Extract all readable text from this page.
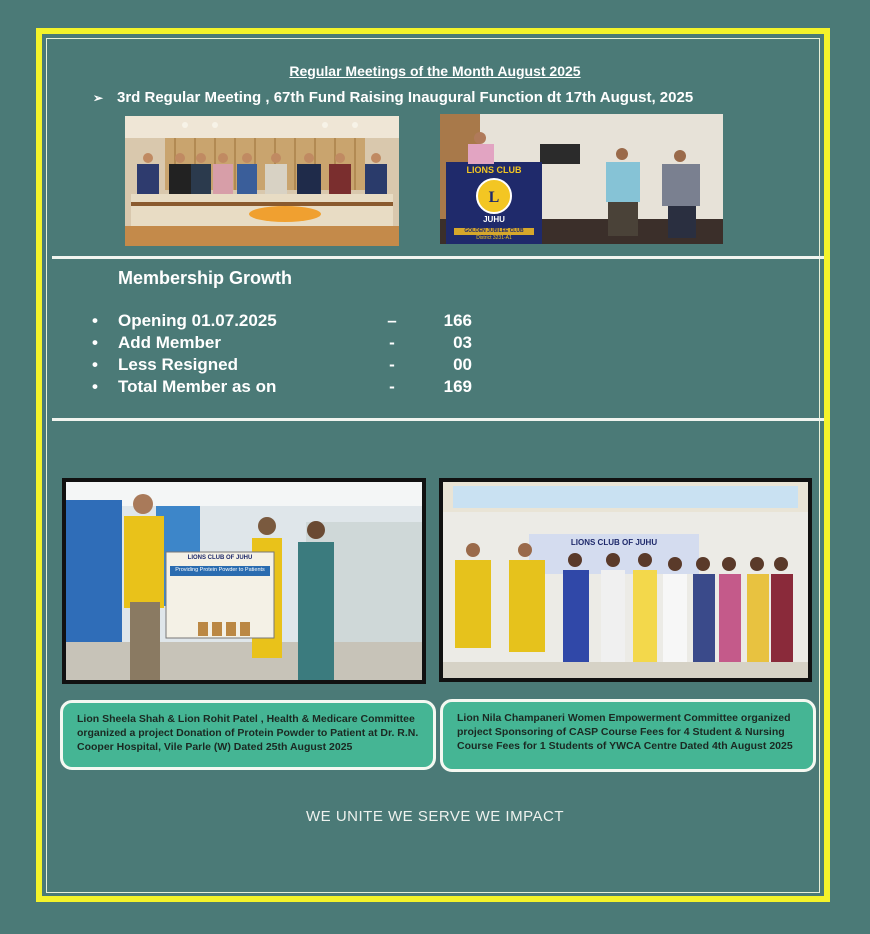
Regular Meetings of the Month August 2025
➢ 3rd Regular Meeting , 67th Fund Raising Inaugural Function dt 17th August, 2025
L
LIONS CLUB
JUHU
GOLDEN JUBILEE CLUB
District 3231-A1
Membership Growth
• Opening 01.07.2025	–	166
• Add Member	-	03
• Less Resigned	-	00
• Total Member as on	-	169
LIONS CLUB OF JUHU
Providing Protein Powder to Patients
LIONS CLUB OF JUHU
Lion Sheela Shah & Lion Rohit Patel , Health & Medicare Committee organized a project Donation of Protein Powder to Patient at Dr. R.N. Cooper Hospital, Vile Parle (W) Dated 25th August 2025
Lion Nila Champaneri Women Empowerment Committee organized project Sponsoring of CASP Course Fees for 4 Student & Nursing Course Fees for 1 Students of YWCA Centre Dated 4th August 2025
WE UNITE WE SERVE WE IMPACT
